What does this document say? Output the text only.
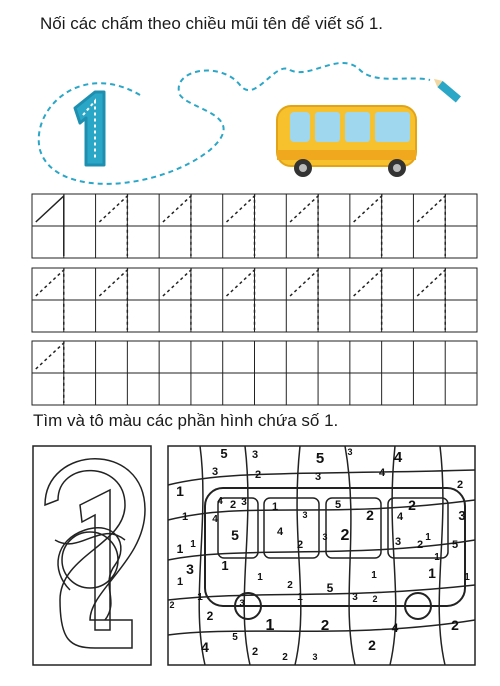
Nối các chấm theo chiều mũi tên để viết số 1.
5 3	5	3	4
3	2	3	4
2
1
4 2
1 4
3 1
3
5
2
5	4	2	3
2
3
1 1	2
3
1
2
1
5
4
3 1
1
2	5
1	1
1
1	1	3 2
2
1
2
3
1	2	4	2
4
5
2 2	3
2
Tìm và tô màu các phần hình chứa số 1.
